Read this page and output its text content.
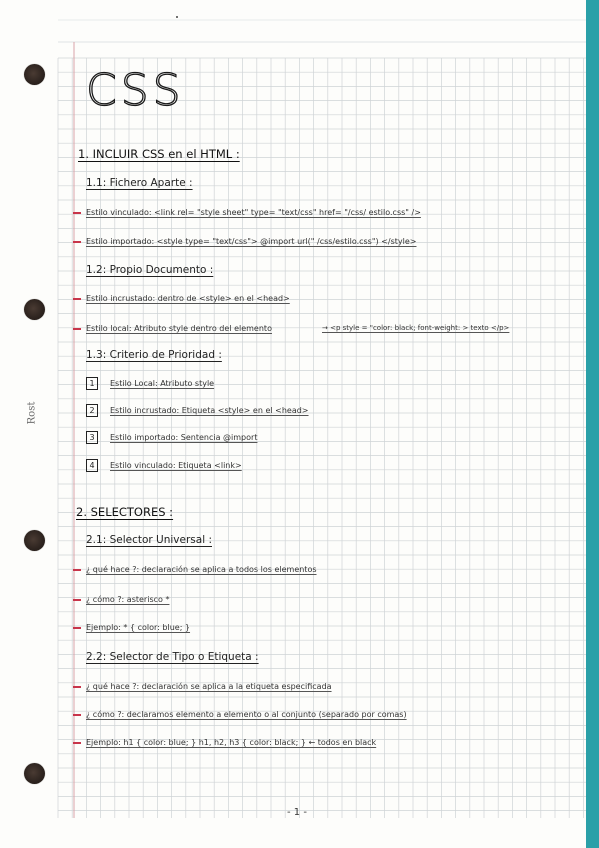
Rost
CSS
1. INCLUIR CSS en el HTML :
1.1: Fichero Aparte :
Estilo vinculado: <link rel= "style sheet" type= "text/css" href= "/css/ estilo.css" />
Estilo importado: <style type= "text/css"> @import url(" /css/estilo.css") </style>
1.2: Propio Documento :
Estilo incrustado: dentro de <style> en el <head>
Estilo local: Atributo style dentro del elemento	→ <p style = "color: black; font-weight: > texto </p>
1.3: Criterio de Prioridad :
1	Estilo Local: Atributo style
2	Estilo incrustado: Etiqueta <style> en el <head>
3	Estilo importado: Sentencia @import
4	Estilo vinculado: Etiqueta <link>
2. SELECTORES :
2.1: Selector Universal :
¿ qué hace ?: declaración se aplica a todos los elementos
¿ cómo ?: asterisco *
Ejemplo: * { color: blue; }
2.2: Selector de Tipo o Etiqueta :
¿ qué hace ?: declaración se aplica a la etiqueta especificada
¿ cómo ?: declaramos elemento a elemento o al conjunto (separado por comas)
Ejemplo: h1 { color: blue; } h1, h2, h3 { color: black; } ← todos en black
- 1 -
